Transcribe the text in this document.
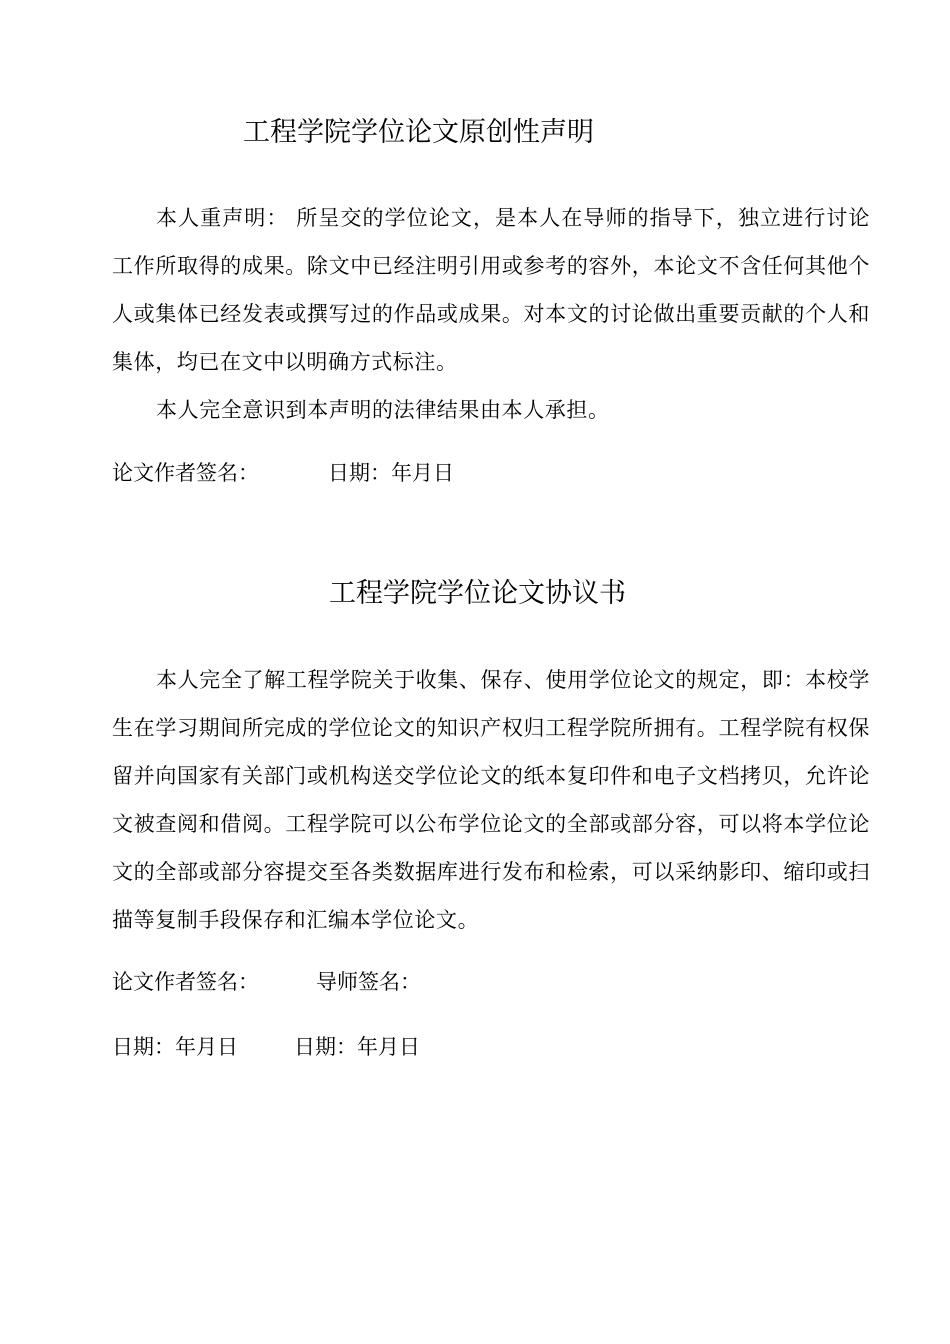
工程学院学位论文原创性声明

本人重声明： 所呈交的学位论文，是本人在导师的指导下，独立进行讨论工作所取得的成果。除文中已经注明引用或参考的容外，本论文不含任何其他个人或集体已经发表或撰写过的作品或成果。对本文的讨论做出重要贡献的个人和集体，均已在文中以明确方式标注。

本人完全意识到本声明的法律结果由本人承担。

论文作者签名：	日期：年月日
工程学院学位论文协议书

本人完全了解工程学院关于收集、保存、使用学位论文的规定，即：本校学生在学习期间所完成的学位论文的知识产权归工程学院所拥有。工程学院有权保留并向国家有关部门或机构送交学位论文的纸本复印件和电子文档拷贝，允许论文被查阅和借阅。工程学院可以公布学位论文的全部或部分容，可以将本学位论文的全部或部分容提交至各类数据库进行发布和检索，可以采纳影印、缩印或扫描等复制手段保存和汇编本学位论文。

论文作者签名：	导师签名：
日期：年月日	日期：年月日
